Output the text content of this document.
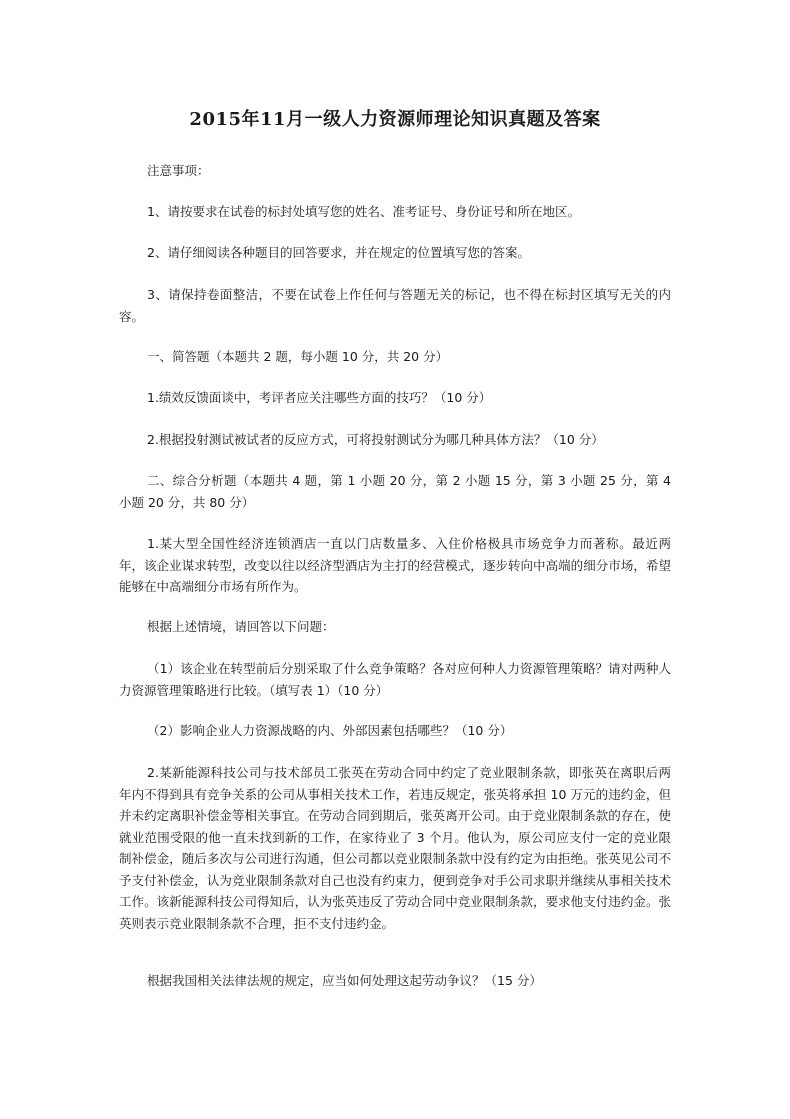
2015年11月一级人力资源师理论知识真题及答案

注意事项：

1、请按要求在试卷的标封处填写您的姓名、准考证号、身份证号和所在地区。

2、请仔细阅读各种题目的回答要求，并在规定的位置填写您的答案。

3、请保持卷面整洁，不要在试卷上作任何与答题无关的标记，也不得在标封区填写无关的内容。

一、简答题（本题共 2 题，每小题 10 分，共 20 分）

1.绩效反馈面谈中，考评者应关注哪些方面的技巧？（10 分）

2.根据投射测试被试者的反应方式，可将投射测试分为哪几种具体方法？（10 分）

二、综合分析题（本题共 4 题，第 1 小题 20 分，第 2 小题 15 分，第 3 小题 25 分，第 4 小题 20 分，共 80 分）

1.某大型全国性经济连锁酒店一直以门店数量多、入住价格极具市场竞争力而著称。最近两年，该企业谋求转型，改变以往以经济型酒店为主打的经营模式，逐步转向中高端的细分市场，希望能够在中高端细分市场有所作为。

根据上述情境，请回答以下问题：

（1）该企业在转型前后分别采取了什么竞争策略？各对应何种人力资源管理策略？请对两种人力资源管理策略进行比较。（填写表 1）（10 分）

（2）影响企业人力资源战略的内、外部因素包括哪些？（10 分）

2.某新能源科技公司与技术部员工张英在劳动合同中约定了竞业限制条款，即张英在离职后两年内不得到具有竞争关系的公司从事相关技术工作，若违反规定，张英将承担 10 万元的违约金，但并未约定离职补偿金等相关事宜。在劳动合同到期后，张英离开公司。由于竞业限制条款的存在，使就业范围受限的他一直未找到新的工作，在家待业了 3 个月。他认为，原公司应支付一定的竞业限制补偿金，随后多次与公司进行沟通，但公司都以竞业限制条款中没有约定为由拒绝。张英见公司不予支付补偿金，认为竞业限制条款对自己也没有约束力，便到竞争对手公司求职并继续从事相关技术工作。该新能源科技公司得知后，认为张英违反了劳动合同中竞业限制条款，要求他支付违约金。张英则表示竞业限制条款不合理，拒不支付违约金。

根据我国相关法律法规的规定，应当如何处理这起劳动争议？（15 分）
